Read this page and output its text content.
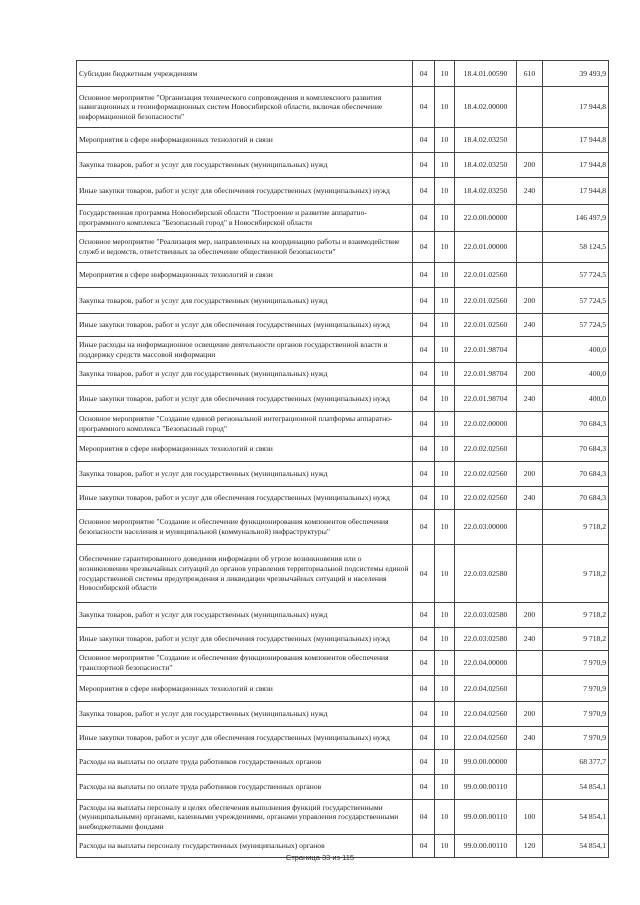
Субсидии бюджетным учреждениям	04	10	18.4.01.00590	610	39 493,9
Основное мероприятие "Организация технического сопровождения и комплексного развития навигационных и геоинформационных систем Новосибирской области, включая обеспечение информационной безопасности"	04	10	18.4.02.00000		17 944,8
Мероприятия в сфере информационных технологий и связи	04	10	18.4.02.03250		17 944,8
Закупка товаров, работ и услуг для государственных (муниципальных) нужд	04	10	18.4.02.03250	200	17 944,8
Иные закупки товаров, работ и услуг для обеспечения государственных (муниципальных) нужд	04	10	18.4.02.03250	240	17 944,8
Государственная программа Новосибирской области "Построение и развитие аппаратно-программного комплекса "Безопасный город" в Новосибирской области	04	10	22.0.00.00000		146 497,9
Основное мероприятие "Реализация мер, направленных на координацию работы и взаимодействие служб и ведомств, ответственных за обеспечение общественной безопасности"	04	10	22.0.01.00000		58 124,5
Мероприятия в сфере информационных технологий и связи	04	10	22.0.01.02560		57 724,5
Закупка товаров, работ и услуг для государственных (муниципальных) нужд	04	10	22.0.01.02560	200	57 724,5
Иные закупки товаров, работ и услуг для обеспечения государственных (муниципальных) нужд	04	10	22.0.01.02560	240	57 724,5
Иные расходы на информационное освещение деятельности органов государственной власти и поддержку средств массовой информации	04	10	22.0.01.98704		400,0
Закупка товаров, работ и услуг для государственных (муниципальных) нужд	04	10	22.0.01.98704	200	400,0
Иные закупки товаров, работ и услуг для обеспечения государственных (муниципальных) нужд	04	10	22.0.01.98704	240	400,0
Основное мероприятие "Создание единой региональной интеграционной платформы аппаратно-программного комплекса "Безопасный город"	04	10	22.0.02.00000		70 684,3
Мероприятия в сфере информационных технологий и связи	04	10	22.0.02.02560		70 684,3
Закупка товаров, работ и услуг для государственных (муниципальных) нужд	04	10	22.0.02.02560	200	70 684,3
Иные закупки товаров, работ и услуг для обеспечения государственных (муниципальных) нужд	04	10	22.0.02.02560	240	70 684,3
Основное мероприятие "Создание и обеспечение функционирования компонентов обеспечения безопасности населения и муниципальной (коммунальной) инфраструктуры"	04	10	22.0.03.00000		9 718,2
Обеспечение гарантированного доведения информации об угрозе возникновения или о возникновении чрезвычайных ситуаций до органов управления территориальной подсистемы единой государственной системы предупреждения и ликвидации чрезвычайных ситуаций и населения Новосибирской области	04	10	22.0.03.02580		9 718,2
Закупка товаров, работ и услуг для государственных (муниципальных) нужд	04	10	22.0.03.02580	200	9 718,2
Иные закупки товаров, работ и услуг для обеспечения государственных (муниципальных) нужд	04	10	22.0.03.02580	240	9 718,2
Основное мероприятие "Создание и обеспечение функционирования компонентов обеспечения транспортной безопасности"	04	10	22.0.04.00000		7 970,9
Мероприятия в сфере информационных технологий и связи	04	10	22.0.04.02560		7 970,9
Закупка товаров, работ и услуг для государственных (муниципальных) нужд	04	10	22.0.04.02560	200	7 970,9
Иные закупки товаров, работ и услуг для обеспечения государственных (муниципальных) нужд	04	10	22.0.04.02560	240	7 970,9
Расходы на выплаты по оплате труда работников государственных органов	04	10	99.0.00.00000		68 377,7
Расходы на выплаты по оплате труда работников государственных органов	04	10	99.0.00.00110		54 854,1
Расходы на выплаты персоналу в целях обеспечения выполнения функций государственными (муниципальными) органами, казенными учреждениями, органами управления государственными внебюджетными фондами	04	10	99.0.00.00110	100	54 854,1
Расходы на выплаты персоналу государственных (муниципальных) органов	04	10	99.0.00.00110	120	54 854,1
Страница 33 из 115
